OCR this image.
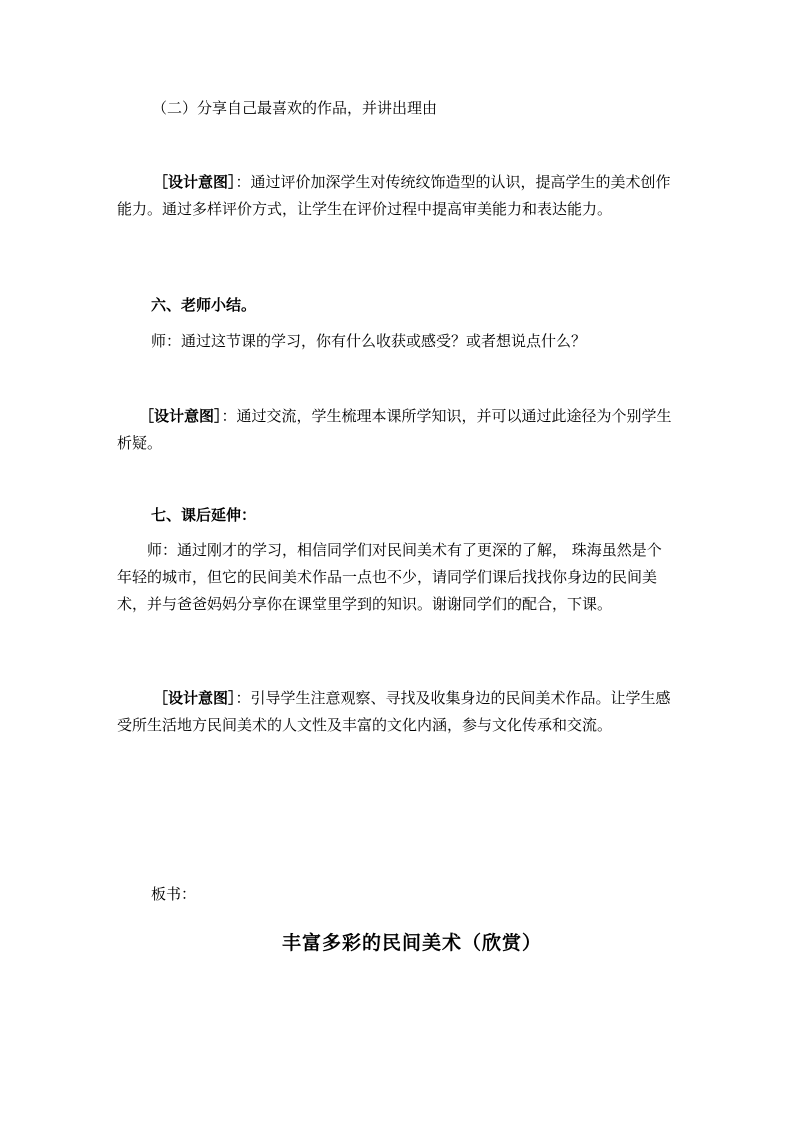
（二）分享自己最喜欢的作品，并讲出理由
［设计意图］：通过评价加深学生对传统纹饰造型的认识，提高学生的美术创作能力。通过多样评价方式，让学生在评价过程中提高审美能力和表达能力。
六、老师小结。
师：通过这节课的学习，你有什么收获或感受？或者想说点什么？
［设计意图］：通过交流，学生梳理本课所学知识，并可以通过此途径为个别学生析疑。
七、课后延伸：
师：通过刚才的学习，相信同学们对民间美术有了更深的了解， 珠海虽然是个年轻的城市，但它的民间美术作品一点也不少，请同学们课后找找你身边的民间美术，并与爸爸妈妈分享你在课堂里学到的知识。谢谢同学们的配合，下课。
［设计意图］：引导学生注意观察、寻找及收集身边的民间美术作品。让学生感受所生活地方民间美术的人文性及丰富的文化内涵，参与文化传承和交流。
板书：
丰富多彩的民间美术（欣赏）
